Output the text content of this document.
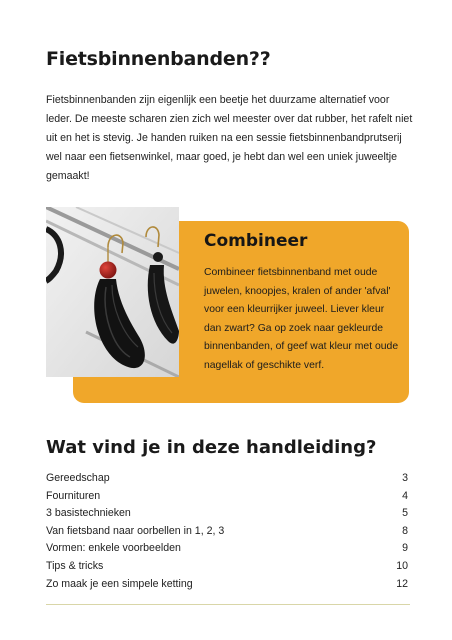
Fietsbinnenbanden??

Fietsbinnenbanden zijn eigenlijk een beetje het duurzame alternatief voor leder. De meeste scharen zien zich wel meester over dat rubber, het rafelt niet uit en het is stevig. Je handen ruiken na een sessie fietsbinnenbandprutserij wel naar een fietsenwinkel, maar goed, je hebt dan wel een uniek juweeltje gemaakt!

Combineer

Combineer fietsbinnenband met oude juwelen, knoopjes, kralen of ander 'afval' voor een kleurrijker juweel. Liever kleur dan zwart? Ga op zoek naar gekleurde binnenbanden, of geef wat kleur met oude nagellak of geschikte verf.

Wat vind je in deze handleiding?
Gereedschap	3
Fournituren	4
3 basistechnieken	5
Van fietsband naar oorbellen in 1, 2, 3	8
Vormen: enkele voorbeelden	9
Tips & tricks	10
Zo maak je een simpele ketting	12
